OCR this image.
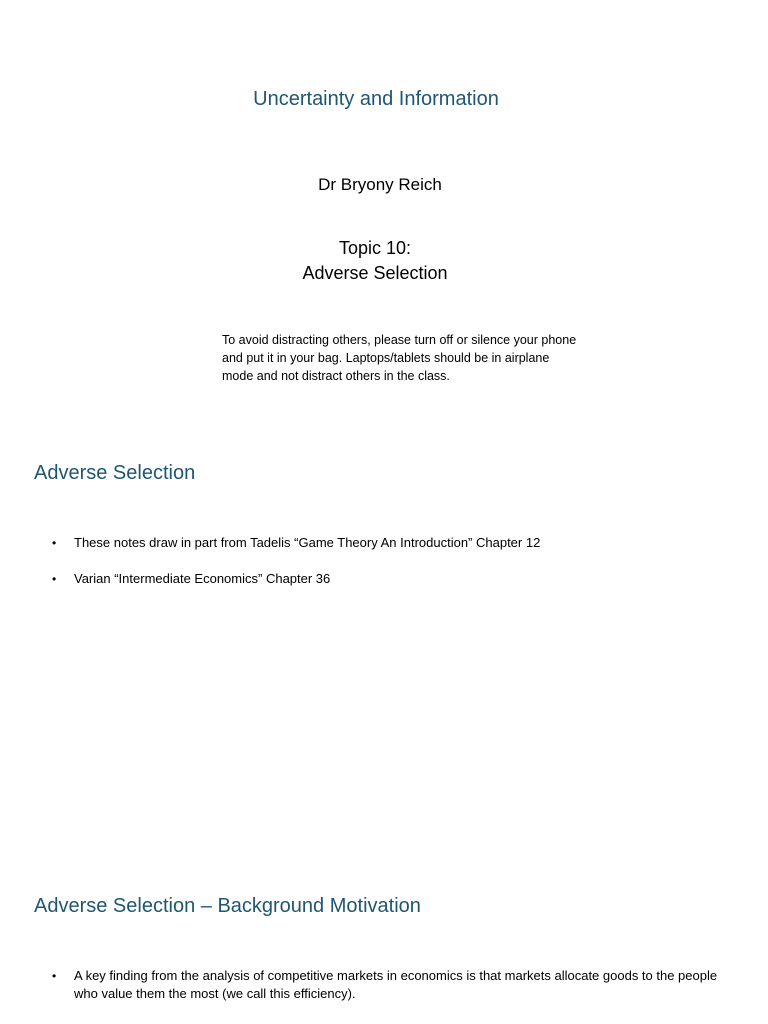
Uncertainty and Information
Dr Bryony Reich
Topic 10:
Adverse Selection
To avoid distracting others, please turn off or silence your phone and put it in your bag. Laptops/tablets should be in airplane mode and not distract others in the class.
Adverse Selection
• These notes draw in part from Tadelis “Game Theory An Introduction” Chapter 12
• Varian “Intermediate Economics” Chapter 36
Adverse Selection – Background Motivation
• A key finding from the analysis of competitive markets in economics is that markets allocate goods to the people who value them the most (we call this efficiency).
